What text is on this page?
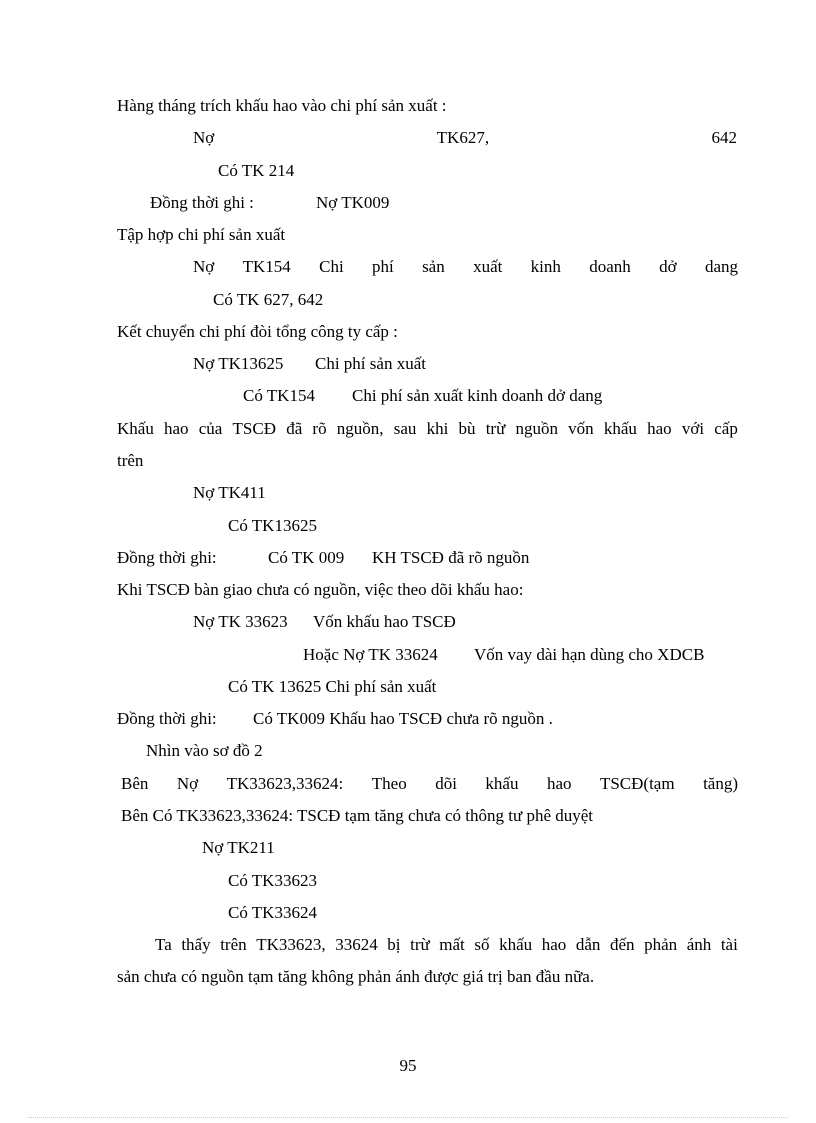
Hàng tháng trích khấu hao vào chi phí sản xuất :
Nợ	TK627,	642
Có TK 214
Đồng thời ghi :	Nợ TK009
Tập hợp chi phí sản xuất
Nợ TK154 Chi phí sản xuất kinh doanh dở dang
Có TK 627, 642
Kết chuyển chi phí đòi tổng công ty cấp :
Nợ TK13625 Chi phí sản xuất
Có TK154 Chi phí sản xuất kinh doanh dở dang
Khấu hao của TSCĐ đã rõ nguồn, sau khi bù trừ nguồn vốn khấu hao với cấp
trên
Nợ TK411
Có TK13625
Đồng thời ghi:	Có TK 009 KH TSCĐ đã rõ nguồn
Khi TSCĐ bàn giao chưa có nguồn, việc theo dõi khấu hao:
Nợ TK 33623 Vốn khấu hao TSCĐ
Hoặc Nợ TK 33624 Vốn vay dài hạn dùng cho XDCB
Có TK 13625 Chi phí sản xuất
Đồng thời ghi: Có TK009 Khấu hao TSCĐ chưa rõ nguồn .
Nhìn vào sơ đồ 2
Bên Nợ TK33623,33624: Theo dõi khấu hao TSCĐ(tạm tăng)
Bên Có TK33623,33624: TSCĐ tạm tăng chưa có thông tư phê duyệt
Nợ TK211
Có TK33623
Có TK33624
Ta thấy trên TK33623, 33624 bị trừ mất số khấu hao dẫn đến phản ánh tài
sản chưa có nguồn tạm tăng không phản ánh được giá trị ban đầu nữa.
95
